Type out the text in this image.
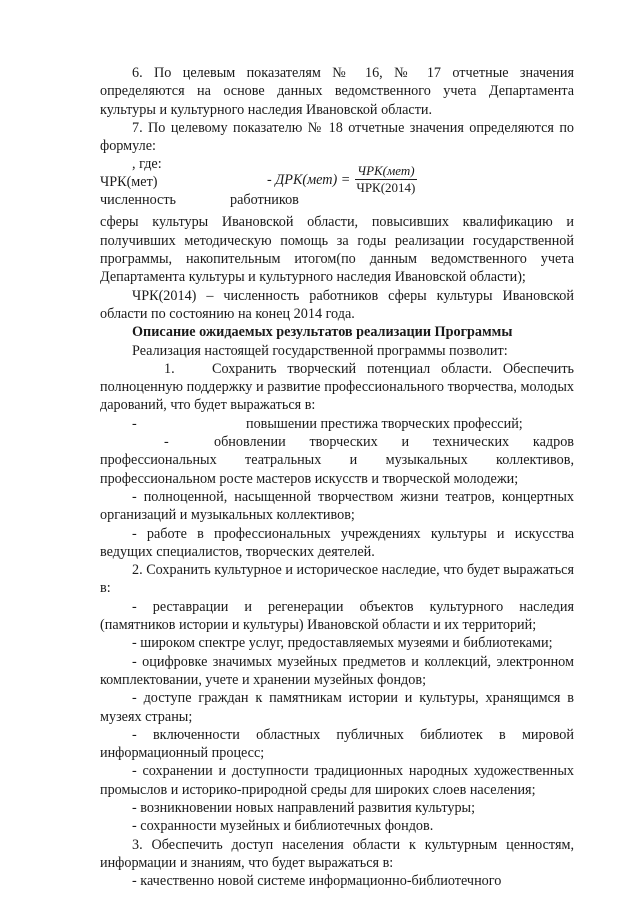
6. По целевым показателям № 16, № 17 отчетные значения определяются на основе данных ведомственного учета Департамента культуры и культурного наследия Ивановской области.

7. По целевому показателю № 18 отчетные значения определяются по формуле:

, где:
ЧРК(мет)
численность	работников
- $ДРК(мет) = \frac{\text{ЧРК(мет)}}{\text{ЧРК(2014)}}$

сферы культуры Ивановской области, повысивших квалификацию и получивших методическую помощь за годы реализации государственной программы, накопительным итогом(по данным ведомственного учета Департамента культуры и культурного наследия Ивановской области);

ЧРК(2014) – численность работников сферы культуры Ивановской области по состоянию на конец 2014 года.

Описание ожидаемых результатов реализации Программы

Реализация настоящей государственной программы позволит:

1.	Сохранить творческий потенциал области. Обеспечить полноценную поддержку и развитие профессионального творчества, молодых дарований, что будет выражаться в:

-	повышении престижа творческих профессий;

-	обновлении творческих и технических кадров профессиональных театральных и музыкальных коллективов, профессиональном росте мастеров искусств и творческой молодежи;

- полноценной, насыщенной творчеством жизни театров, концертных организаций и музыкальных коллективов;

- работе в профессиональных учреждениях культуры и искусства ведущих специалистов, творческих деятелей.

2. Сохранить культурное и историческое наследие, что будет выражаться в:

- реставрации и регенерации объектов культурного наследия (памятников истории и культуры) Ивановской области и их территорий;

- широком спектре услуг, предоставляемых музеями и библиотеками;

- оцифровке значимых музейных предметов и коллекций, электронном комплектовании, учете и хранении музейных фондов;

- доступе граждан к памятникам истории и культуры, хранящимся в музеях страны;

- включенности областных публичных библиотек в мировой информационный процесс;

- сохранении и доступности традиционных народных художественных промыслов и историко-природной среды для широких слоев населения;

- возникновении новых направлений развития культуры;

- сохранности музейных и библиотечных фондов.

3. Обеспечить доступ населения области к культурным ценностям, информации и знаниям, что будет выражаться в:

- качественно новой системе информационно-библиотечного
